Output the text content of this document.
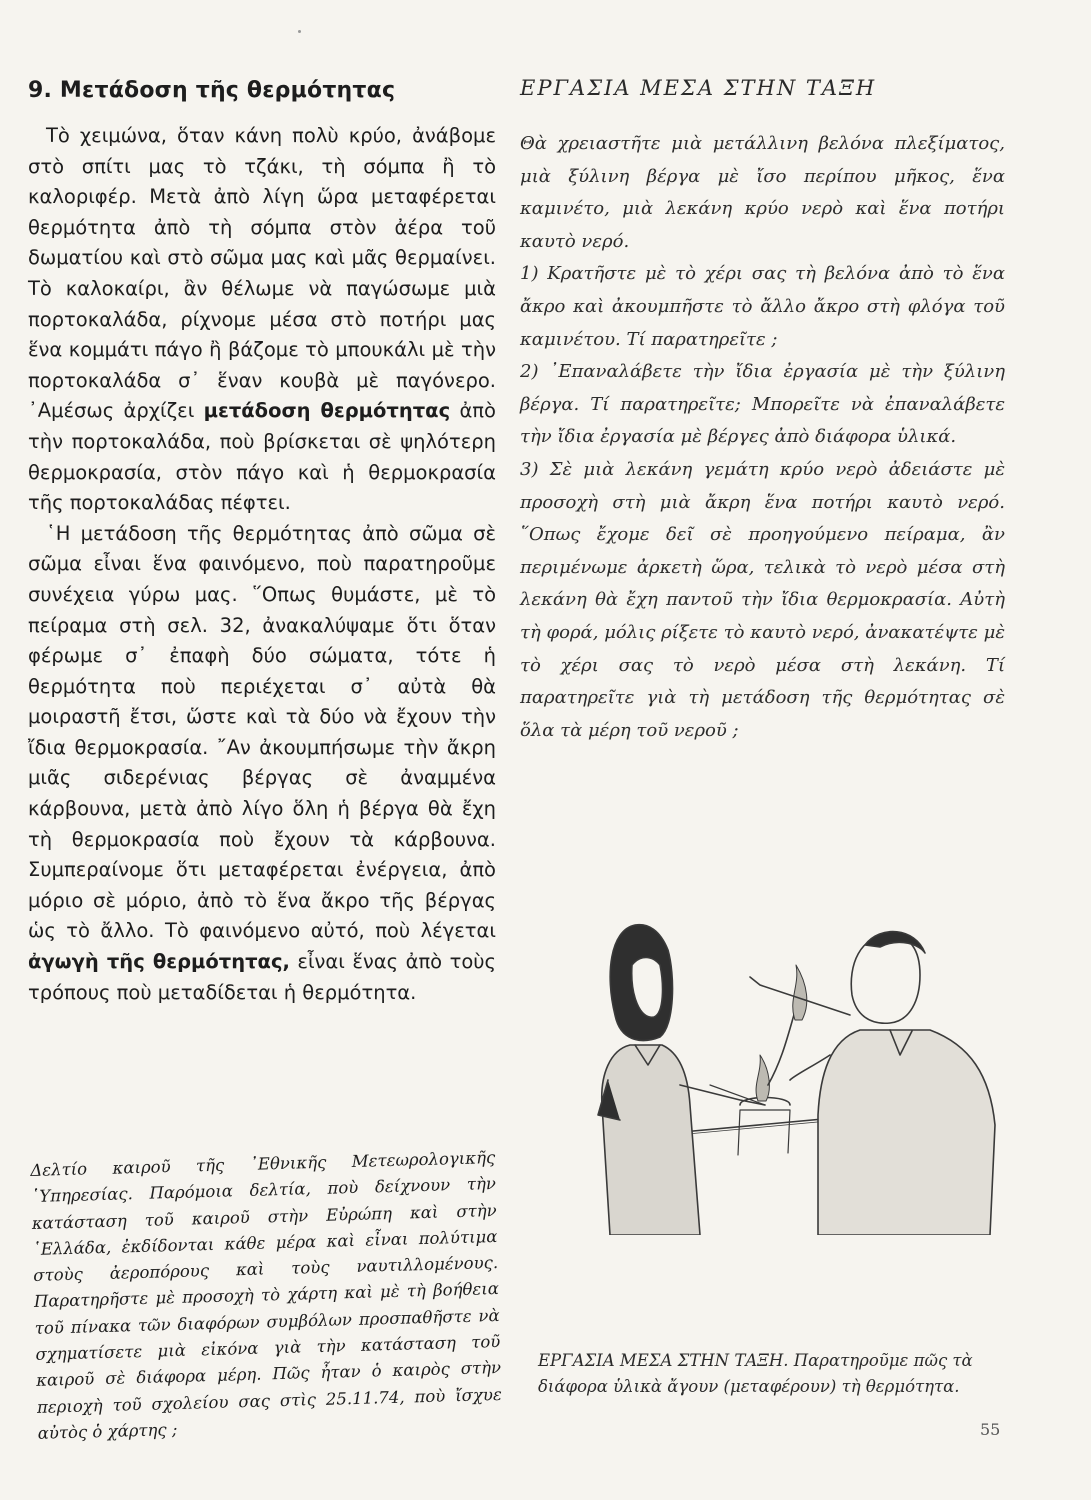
9. Μετάδοση τῆς θερμότητας

Τὸ χειμώνα, ὅταν κάνη πολὺ κρύο, ἀνάβομε στὸ σπίτι μας τὸ τζάκι, τὴ σόμπα ἢ τὸ καλοριφέρ. Μετὰ ἀπὸ λίγη ὥρα μεταφέρεται θερμότητα ἀπὸ τὴ σόμπα στὸν ἀέρα τοῦ δωματίου καὶ στὸ σῶμα μας καὶ μᾶς θερμαίνει. Τὸ καλοκαίρι, ἂν θέλωμε νὰ παγώσωμε μιὰ πορτοκαλάδα, ρίχνομε μέσα στὸ ποτήρι μας ἕνα κομμάτι πάγο ἢ βάζομε τὸ μπουκάλι μὲ τὴν πορτοκαλάδα σ᾿ ἕναν κουβὰ μὲ παγόνερο. ᾿Αμέσως ἀρχίζει μετάδοση θερμότητας ἀπὸ τὴν πορτοκαλάδα, ποὺ βρίσκεται σὲ ψηλότερη θερμοκρασία, στὸν πάγο καὶ ἡ θερμοκρασία τῆς πορτοκαλάδας πέφτει.

῾Η μετάδοση τῆς θερμότητας ἀπὸ σῶμα σὲ σῶμα εἶναι ἕνα φαινόμενο, ποὺ παρατηροῦμε συνέχεια γύρω μας. ῞Οπως θυμάστε, μὲ τὸ πείραμα στὴ σελ. 32, ἀνακαλύψαμε ὅτι ὅταν φέρωμε σ᾿ ἐπαφὴ δύο σώματα, τότε ἡ θερμότητα ποὺ περιέχεται σ᾿ αὐτὰ θὰ μοιραστῆ ἔτσι, ὥστε καὶ τὰ δύο νὰ ἔχουν τὴν ἴδια θερμοκρασία. ῎Αν ἀκουμπήσωμε τὴν ἄκρη μιᾶς σιδερένιας βέργας σὲ ἀναμμένα κάρβουνα, μετὰ ἀπὸ λίγο ὅλη ἡ βέργα θὰ ἔχη τὴ θερμοκρασία ποὺ ἔχουν τὰ κάρβουνα. Συμπεραίνομε ὅτι μεταφέρεται ἐνέργεια, ἀπὸ μόριο σὲ μόριο, ἀπὸ τὸ ἕνα ἄκρο τῆς βέργας ὡς τὸ ἄλλο. Τὸ φαινόμενο αὐτό, ποὺ λέγεται ἀγωγὴ τῆς θερμότητας, εἶναι ἕνας ἀπὸ τοὺς τρόπους ποὺ μεταδίδεται ἡ θερμότητα.

Δελτίο καιροῦ τῆς ᾿Εθνικῆς Μετεωρολογικῆς ῾Υπηρεσίας. Παρόμοια δελτία, ποὺ δείχνουν τὴν κατάσταση τοῦ καιροῦ στὴν Εὐρώπη καὶ στὴν ῾Ελλάδα, ἐκδίδονται κάθε μέρα καὶ εἶναι πολύτιμα στοὺς ἀεροπόρους καὶ τοὺς ναυτιλλομένους. Παρατηρῆστε μὲ προσοχὴ τὸ χάρτη καὶ μὲ τὴ βοήθεια τοῦ πίνακα τῶν διαφόρων συμβόλων προσπαθῆστε νὰ σχηματίσετε μιὰ εἰκόνα γιὰ τὴν κατάσταση τοῦ καιροῦ σὲ διάφορα μέρη. Πῶς ἦταν ὁ καιρὸς στὴν περιοχὴ τοῦ σχολείου σας στὶς 25.11.74, ποὺ ἴσχυε αὐτὸς ὁ χάρτης ;
ΕΡΓΑΣΙΑ ΜΕΣΑ ΣΤΗΝ ΤΑΞΗ

Θὰ χρειαστῆτε μιὰ μετάλλινη βελόνα πλεξίματος, μιὰ ξύλινη βέργα μὲ ἴσο περίπου μῆκος, ἕνα καμινέτο, μιὰ λεκάνη κρύο νερὸ καὶ ἕνα ποτήρι καυτὸ νερό.

1) Κρατῆστε μὲ τὸ χέρι σας τὴ βελόνα ἀπὸ τὸ ἕνα ἄκρο καὶ ἀκουμπῆστε τὸ ἄλλο ἄκρο στὴ φλόγα τοῦ καμινέτου. Τί παρατηρεῖτε ;

2) ᾿Επαναλάβετε τὴν ἴδια ἐργασία μὲ τὴν ξύλινη βέργα. Τί παρατηρεῖτε; Μπορεῖτε νὰ ἐπαναλάβετε τὴν ἴδια ἐργασία μὲ βέργες ἀπὸ διάφορα ὑλικά.

3) Σὲ μιὰ λεκάνη γεμάτη κρύο νερὸ ἀδειάστε μὲ προσοχὴ στὴ μιὰ ἄκρη ἕνα ποτήρι καυτὸ νερό. ῞Οπως ἔχομε δεῖ σὲ προηγούμενο πείραμα, ἂν περιμένωμε ἀρκετὴ ὥρα, τελικὰ τὸ νερὸ μέσα στὴ λεκάνη θὰ ἔχη παντοῦ τὴν ἴδια θερμοκρασία. Αὐτὴ τὴ φορά, μόλις ρίξετε τὸ καυτὸ νερό, ἀνακατέψτε μὲ τὸ χέρι σας τὸ νερὸ μέσα στὴ λεκάνη. Τί παρατηρεῖτε γιὰ τὴ μετάδοση τῆς θερμότητας σὲ ὅλα τὰ μέρη τοῦ νεροῦ ;

ΕΡΓΑΣΙΑ ΜΕΣΑ ΣΤΗΝ ΤΑΞΗ. Παρατηροῦμε πῶς τὰ διάφορα ὑλικὰ ἄγουν (μεταφέρουν) τὴ θερμότητα.
55
